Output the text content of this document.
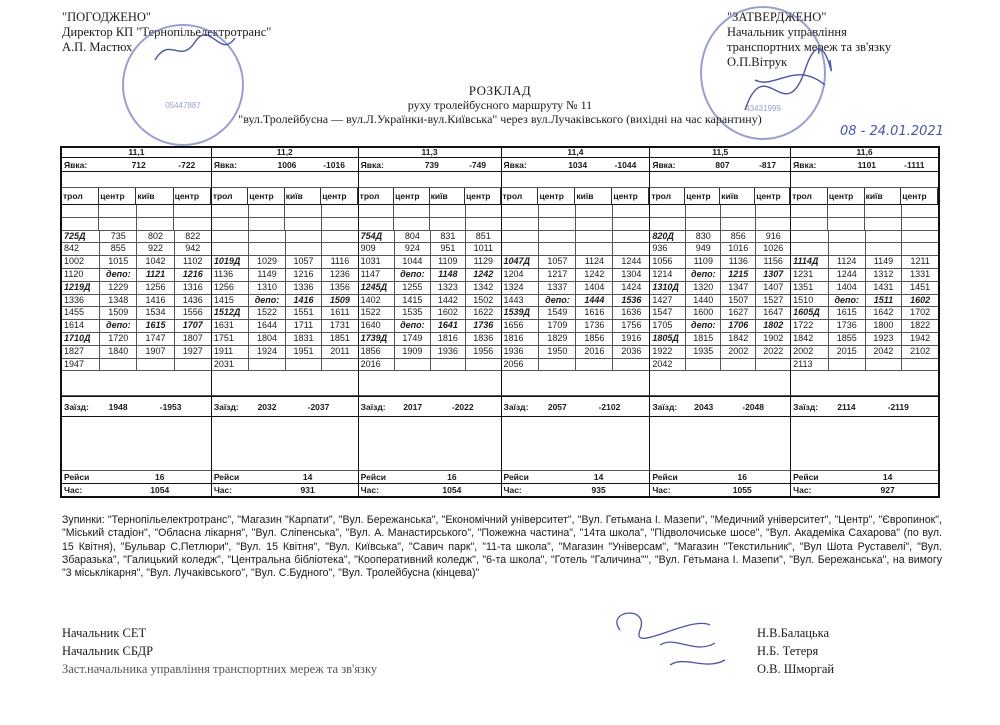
"ПОГОДЖЕНО"
Директор КП "Тернопільелектротранс"
А.П. Мастюх
"ЗАТВЕРДЖЕНО"
Начальник управління
транспортних мереж та зв'язку
О.П.Вітрук
05447887	43431999
РОЗКЛАД
руху тролейбусного маршруту № 11
"вул.Тролейбусна — вул.Л.Українки-вул.Київська" через вул.Лучаківського (вихідні на час карантину)
08 - 24.01.2021
11,1
Явка:	712	-722
трол	центр	київ	центр
725Д	735	802	822
842	855	922	942
1002	1015	1042	1102
1120	депо:	1121	1216
1219Д	1229	1256	1316
1336	1348	1416	1436
1455	1509	1534	1556
1614	депо:	1615	1707
1710Д	1720	1747	1807
1827	1840	1907	1927
1947
Заїзд:	1948	-1953
Рейси	16
Час:	1054
11,2
Явка:	1006	-1016
трол	центр	київ	центр
1019Д	1029	1057	1116
1136	1149	1216	1236
1256	1310	1336	1356
1415	депо:	1416	1509
1512Д	1522	1551	1611
1631	1644	1711	1731
1751	1804	1831	1851
1911	1924	1951	2011
2031
Заїзд:	2032	-2037
Рейси	14
Час:	931
11,3
Явка:	739	-749
трол	центр	київ	центр
754Д	804	831	851
909	924	951	1011
1031	1044	1109	1129
1147	депо:	1148	1242
1245Д	1255	1323	1342
1402	1415	1442	1502
1522	1535	1602	1622
1640	депо:	1641	1736
1739Д	1749	1816	1836
1856	1909	1936	1956
2016
Заїзд:	2017	-2022
Рейси	16
Час:	1054
11,4
Явка:	1034	-1044
трол	центр	київ	центр
1047Д	1057	1124	1244
1204	1217	1242	1304
1324	1337	1404	1424
1443	депо:	1444	1536
1539Д	1549	1616	1636
1656	1709	1736	1756
1816	1829	1856	1916
1936	1950	2016	2036
2056
Заїзд:	2057	-2102
Рейси	14
Час:	935
11,5
Явка:	807	-817
трол	центр	київ	центр
820Д	830	856	916
936	949	1016	1026
1056	1109	1136	1156
1214	депо:	1215	1307
1310Д	1320	1347	1407
1427	1440	1507	1527
1547	1600	1627	1647
1705	депо:	1706	1802
1805Д	1815	1842	1902
1922	1935	2002	2022
2042
Заїзд:	2043	-2048
Рейси	16
Час:	1055
11,6
Явка:	1101	-1111
трол	центр	київ	центр
1114Д	1124	1149	1211
1231	1244	1312	1331
1351	1404	1431	1451
1510	депо:	1511	1602
1605Д	1615	1642	1702
1722	1736	1800	1822
1842	1855	1923	1942
2002	2015	2042	2102
2113
Заїзд:	2114	-2119
Рейси	14
Час:	927
Зупинки: "Тернопільелектротранс", "Магазин "Карпати", "Вул. Бережанська", "Економічний університет", "Вул. Гетьмана І. Мазепи", "Медичний університет", "Центр", "Європинок", "Міський стадіон", "Обласна лікарня", "Вул. Сліпенська", "Вул. А. Манастирського", "Пожежна частина", "14та школа", "Підволочиське шосе", "Вул. Академіка Сахарова" (по вул. 15 Квітня), "Бульвар С.Петлюри", "Вул. 15 Квітня", "Вул. Київська", "Савич парк", "11-та школа", "Магазин "Універсам", "Магазин "Текстильник", "Вул Шота Руставелі", "Вул. Збаразька", "Галицький коледж", "Центральна бібліотека", "Кооперативний коледж", "6-та школа", "Готель "Галичина"", "Вул. Гетьмана І. Мазепи", "Вул. Бережанська", на вимогу "3 міськлікарня", "Вул. Лучаківського", "Вул. С.Будного", "Вул. Тролейбусна (кінцева)"
Начальник СЕТ
Начальник СБДР
Заст.начальника управління транспортних мереж та зв'язку
Н.В.Балацька
Н.Б. Тетеря
О.В. Шморгай
